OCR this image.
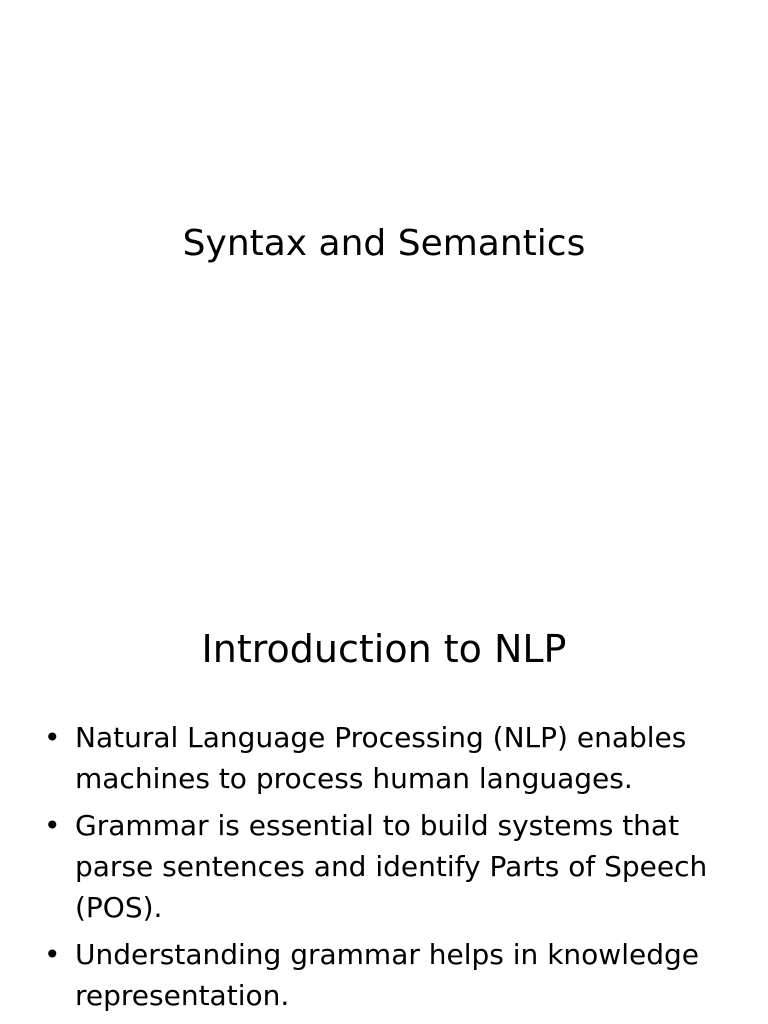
Syntax and Semantics
Introduction to NLP
• Natural Language Processing (NLP) enables machines to process human languages.
• Grammar is essential to build systems that parse sentences and identify Parts of Speech (POS).
• Understanding grammar helps in knowledge representation.
